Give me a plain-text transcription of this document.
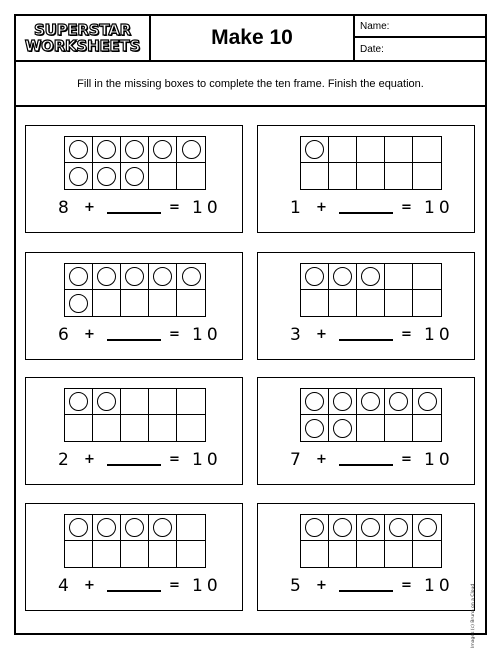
SUPERSTAR
WORKSHEETS	Make 10	Name:
Date:
Fill in the missing boxes to complete the ten frame. Finish the equation.
8 +	= 10	1 +	= 10
6 +	= 10	3 +	= 10
2 +	= 10	7 +	= 10
4 +	= 10	5 +	= 10	Images (c) Bruna on a Cloud
